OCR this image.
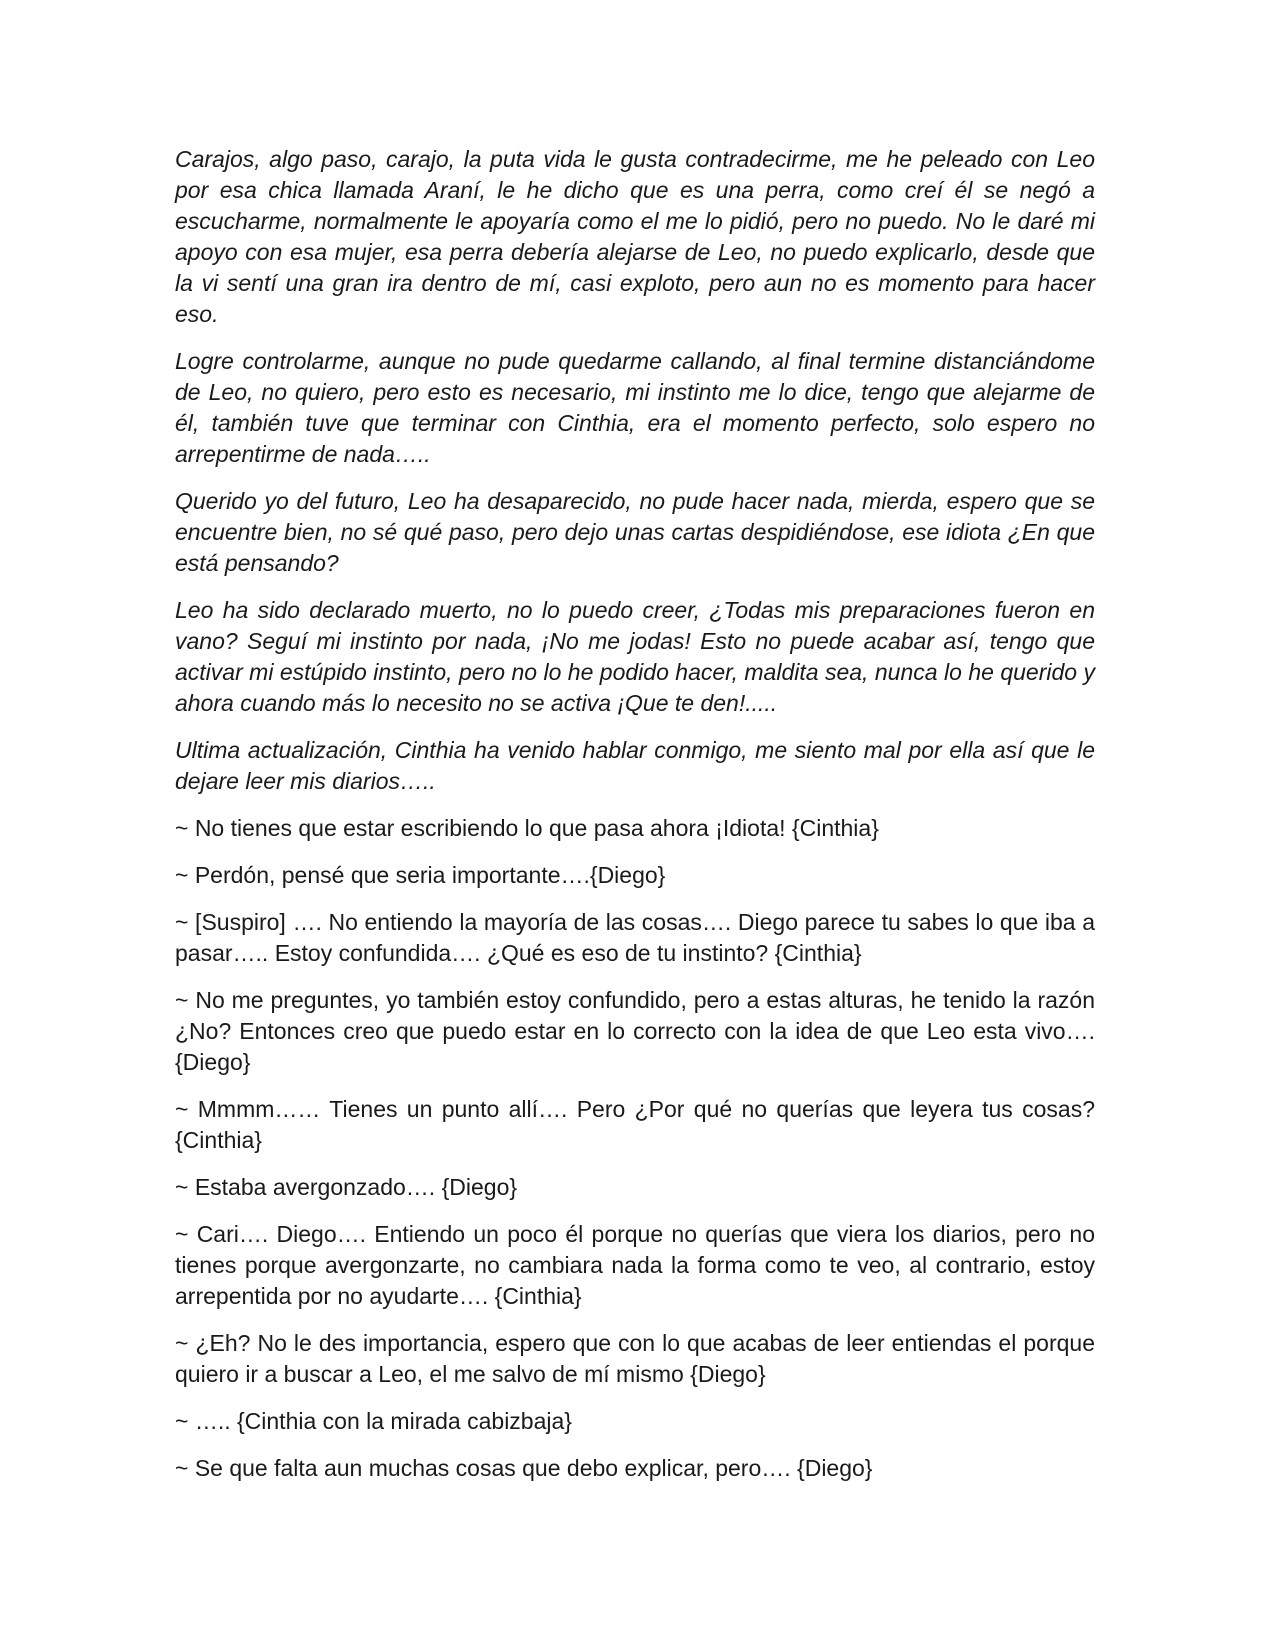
Carajos, algo paso, carajo, la puta vida le gusta contradecirme, me he peleado con Leo por esa chica llamada Araní, le he dicho que es una perra, como creí él se negó a escucharme, normalmente le apoyaría como el me lo pidió, pero no puedo. No le daré mi apoyo con esa mujer, esa perra debería alejarse de Leo, no puedo explicarlo, desde que la vi sentí una gran ira dentro de mí, casi exploto, pero aun no es momento para hacer eso.

Logre controlarme, aunque no pude quedarme callando, al final termine distanciándome de Leo, no quiero, pero esto es necesario, mi instinto me lo dice, tengo que alejarme de él, también tuve que terminar con Cinthia, era el momento perfecto, solo espero no arrepentirme de nada…..

Querido yo del futuro, Leo ha desaparecido, no pude hacer nada, mierda, espero que se encuentre bien, no sé qué paso, pero dejo unas cartas despidiéndose, ese idiota ¿En que está pensando?

Leo ha sido declarado muerto, no lo puedo creer, ¿Todas mis preparaciones fueron en vano? Seguí mi instinto por nada, ¡No me jodas! Esto no puede acabar así, tengo que activar mi estúpido instinto, pero no lo he podido hacer, maldita sea, nunca lo he querido y ahora cuando más lo necesito no se activa ¡Que te den!.....

Ultima actualización, Cinthia ha venido hablar conmigo, me siento mal por ella así que le dejare leer mis diarios…..

~ No tienes que estar escribiendo lo que pasa ahora ¡Idiota! {Cinthia}

~ Perdón, pensé que seria importante….{Diego}

~ [Suspiro] …. No entiendo la mayoría de las cosas…. Diego parece tu sabes lo que iba a pasar….. Estoy confundida…. ¿Qué es eso de tu instinto? {Cinthia}

~ No me preguntes, yo también estoy confundido, pero a estas alturas, he tenido la razón ¿No? Entonces creo que puedo estar en lo correcto con la idea de que Leo esta vivo…. {Diego}

~ Mmmm…… Tienes un punto allí…. Pero ¿Por qué no querías que leyera tus cosas? {Cinthia}

~ Estaba avergonzado…. {Diego}

~ Cari…. Diego…. Entiendo un poco él porque no querías que viera los diarios, pero no tienes porque avergonzarte, no cambiara nada la forma como te veo, al contrario, estoy arrepentida por no ayudarte…. {Cinthia}

~ ¿Eh? No le des importancia, espero que con lo que acabas de leer entiendas el porque quiero ir a buscar a Leo, el me salvo de mí mismo {Diego}

~ ….. {Cinthia con la mirada cabizbaja}

~ Se que falta aun muchas cosas que debo explicar, pero…. {Diego}
